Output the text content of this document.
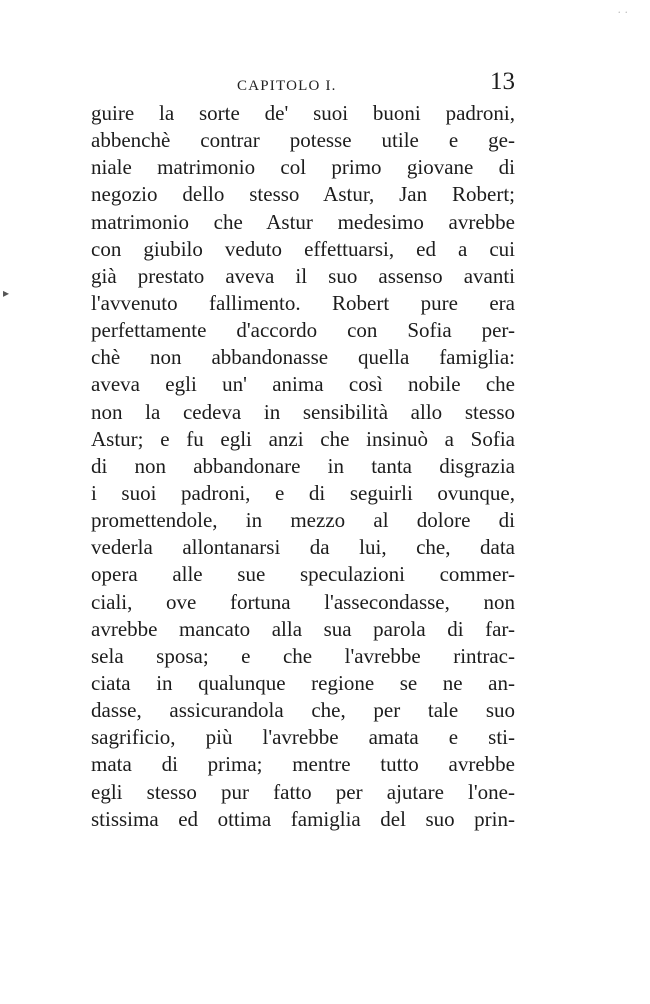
· ·
▸
CAPITOLO I.	13
guire la sorte de' suoi buoni padroni,
abbenchè contrar potesse utile e ge-
niale matrimonio col primo giovane di
negozio dello stesso Astur, Jan Robert;
matrimonio che Astur medesimo avrebbe
con giubilo veduto effettuarsi, ed a cui
già prestato aveva il suo assenso avanti
l'avvenuto fallimento. Robert pure era
perfettamente d'accordo con Sofia per-
chè non abbandonasse quella famiglia:
aveva egli un' anima così nobile che
non la cedeva in sensibilità allo stesso
Astur; e fu egli anzi che insinuò a Sofia
di non abbandonare in tanta disgrazia
i suoi padroni, e di seguirli ovunque,
promettendole, in mezzo al dolore di
vederla allontanarsi da lui, che, data
opera alle sue speculazioni commer-
ciali, ove fortuna l'assecondasse, non
avrebbe mancato alla sua parola di far-
sela sposa; e che l'avrebbe rintrac-
ciata in qualunque regione se ne an-
dasse, assicurandola che, per tale suo
sagrificio, più l'avrebbe amata e sti-
mata di prima; mentre tutto avrebbe
egli stesso pur fatto per ajutare l'one-
stissima ed ottima famiglia del suo prin-
